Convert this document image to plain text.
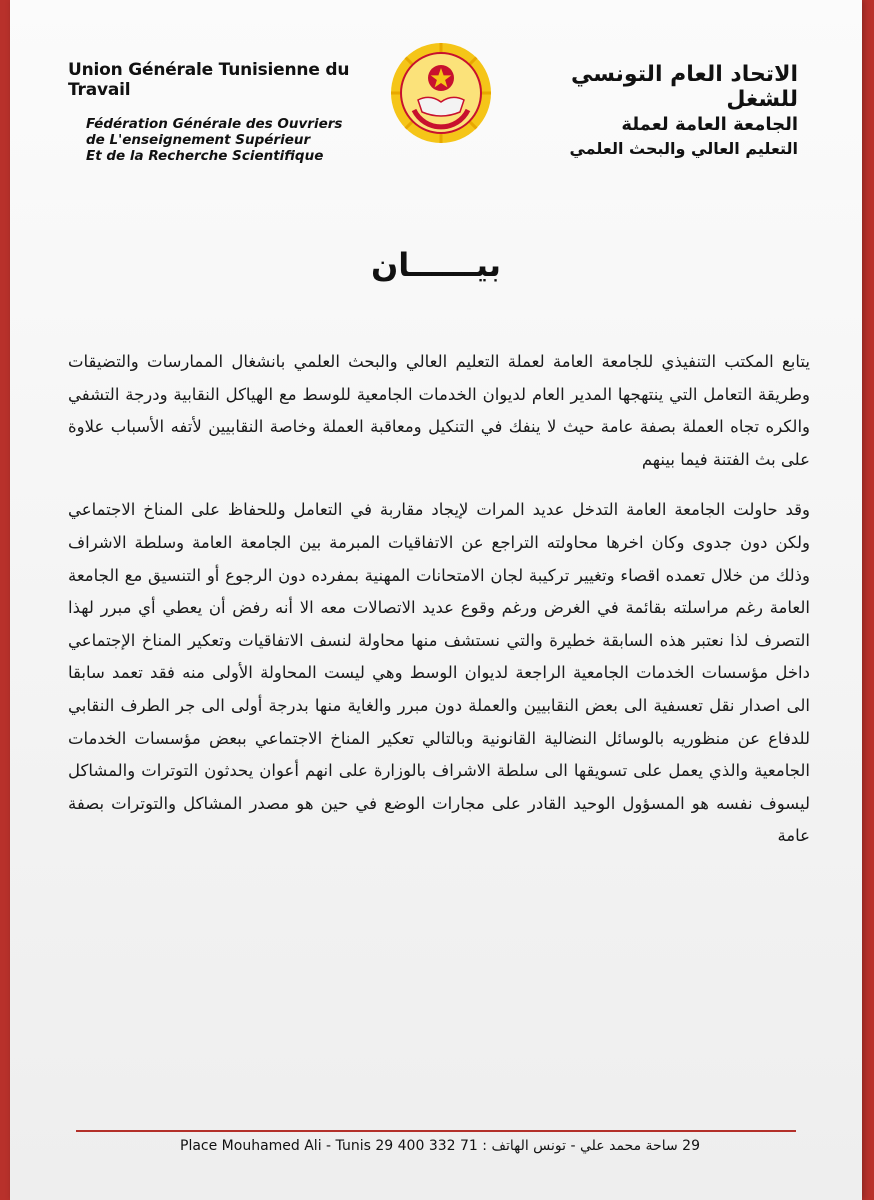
Union Générale Tunisienne du Travail
Fédération Générale des Ouvriers
de L'enseignement Supérieur
Et de la Recherche Scientifique
الاتحاد العام التونسي للشغل
الجامعة العامة لعملة
التعليم العالي والبحث العلمي
بيــــــان

يتابع المكتب التنفيذي للجامعة العامة لعملة التعليم العالي والبحث العلمي بانشغال الممارسات والتضيقات وطريقة التعامل التي ينتهجها المدير العام لديوان الخدمات الجامعية للوسط مع الهياكل النقابية ودرجة التشفي والكره تجاه العملة بصفة عامة حيث لا ينفك في التنكيل ومعاقبة العملة وخاصة النقابيين لأتفه الأسباب علاوة على بث الفتنة فيما بينهم

وقد حاولت الجامعة العامة التدخل عديد المرات لإيجاد مقاربة في التعامل وللحفاظ على المناخ الاجتماعي ولكن دون جدوى وكان اخرها محاولته التراجع عن الاتفاقيات المبرمة بين الجامعة العامة وسلطة الاشراف وذلك من خلال تعمده اقصاء وتغيير تركيبة لجان الامتحانات المهنية بمفرده دون الرجوع أو التنسيق مع الجامعة العامة رغم مراسلته بقائمة في الغرض ورغم وقوع عديد الاتصالات معه الا أنه رفض أن يعطي أي مبرر لهذا التصرف لذا نعتبر هذه السابقة خطيرة والتي نستشف منها محاولة لنسف الاتفاقيات وتعكير المناخ الإجتماعي داخل مؤسسات الخدمات الجامعية الراجعة لديوان الوسط وهي ليست المحاولة الأولى منه فقد تعمد سابقا الى اصدار نقل تعسفية الى بعض النقابيين والعملة دون مبرر والغاية منها بدرجة أولى الى جر الطرف النقابي للدفاع عن منظوريه بالوسائل النضالية القانونية وبالتالي تعكير المناخ الاجتماعي ببعض مؤسسات الخدمات الجامعية والذي يعمل على تسويقها الى سلطة الاشراف بالوزارة على انهم أعوان يحدثون التوترات والمشاكل ليسوف نفسه هو المسؤول الوحيد القادر على مجارات الوضع في حين هو مصدر المشاكل والتوترات بصفة عامة

29 ساحة محمد علي - تونس الهاتف : 71 332 400 29 Place Mouhamed Ali - Tunis
